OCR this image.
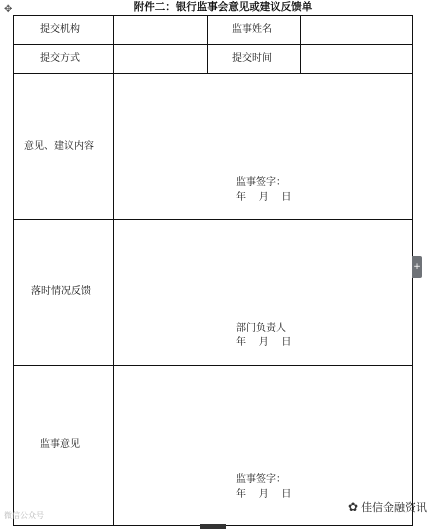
附件二：银行监事会意见或建议反馈单
✥
提交机构	监事姓名
提交方式	提交时间
意见、建议内容
监事签字：
年    月    日
落时情况反馈
部门负责人
年    月    日
监事意见
监事签字：
年    月    日
+
微信公众号
✿ 佳信金融资讯
